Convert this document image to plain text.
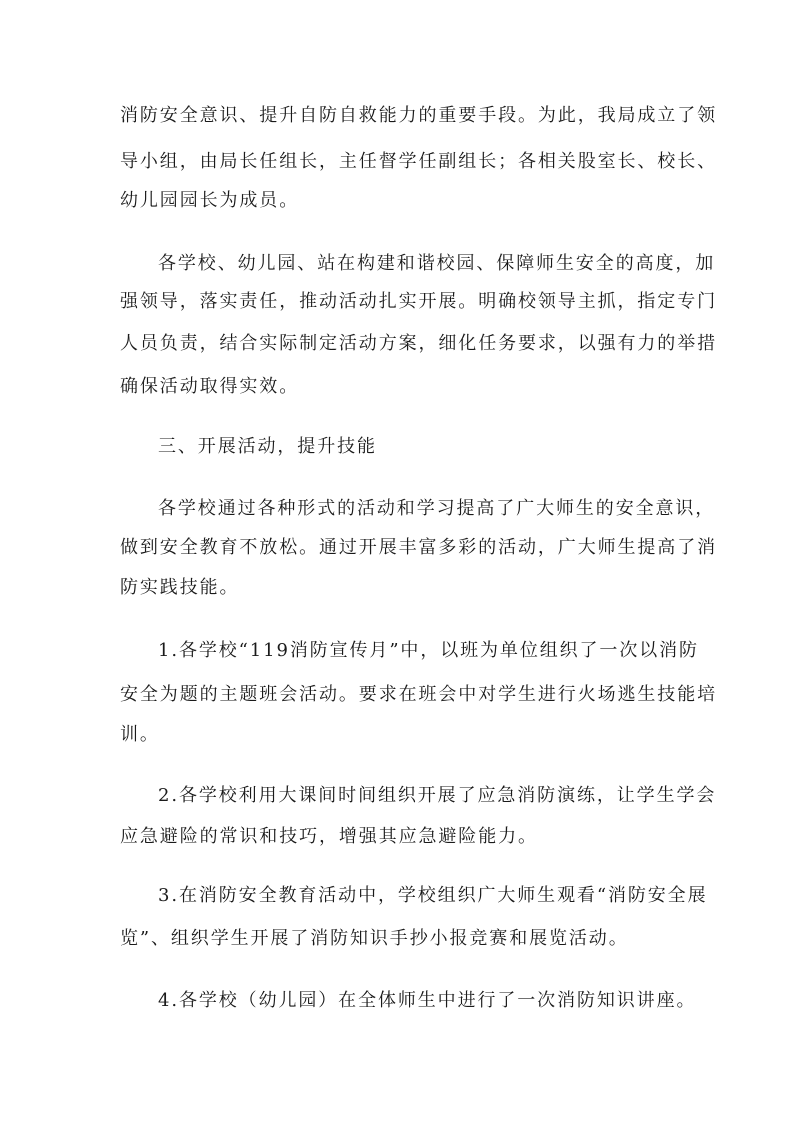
消防安全意识、提升自防自救能力的重要手段。为此，我局成立了领
导小组，由局长任组长，主任督学任副组长；各相关股室长、校长、
幼儿园园长为成员。
各学校、幼儿园、站在构建和谐校园、保障师生安全的高度，加
强领导，落实责任，推动活动扎实开展。明确校领导主抓，指定专门
人员负责，结合实际制定活动方案，细化任务要求，以强有力的举措
确保活动取得实效。
三、开展活动，提升技能
各学校通过各种形式的活动和学习提高了广大师生的安全意识，
做到安全教育不放松。通过开展丰富多彩的活动，广大师生提高了消
防实践技能。
1.各学校“119消防宣传月”中，以班为单位组织了一次以消防
安全为题的主题班会活动。要求在班会中对学生进行火场逃生技能培
训。
2.各学校利用大课间时间组织开展了应急消防演练，让学生学会
应急避险的常识和技巧，增强其应急避险能力。
3.在消防安全教育活动中，学校组织广大师生观看“消防安全展
览”、组织学生开展了消防知识手抄小报竞赛和展览活动。
4.各学校（幼儿园）在全体师生中进行了一次消防知识讲座。
